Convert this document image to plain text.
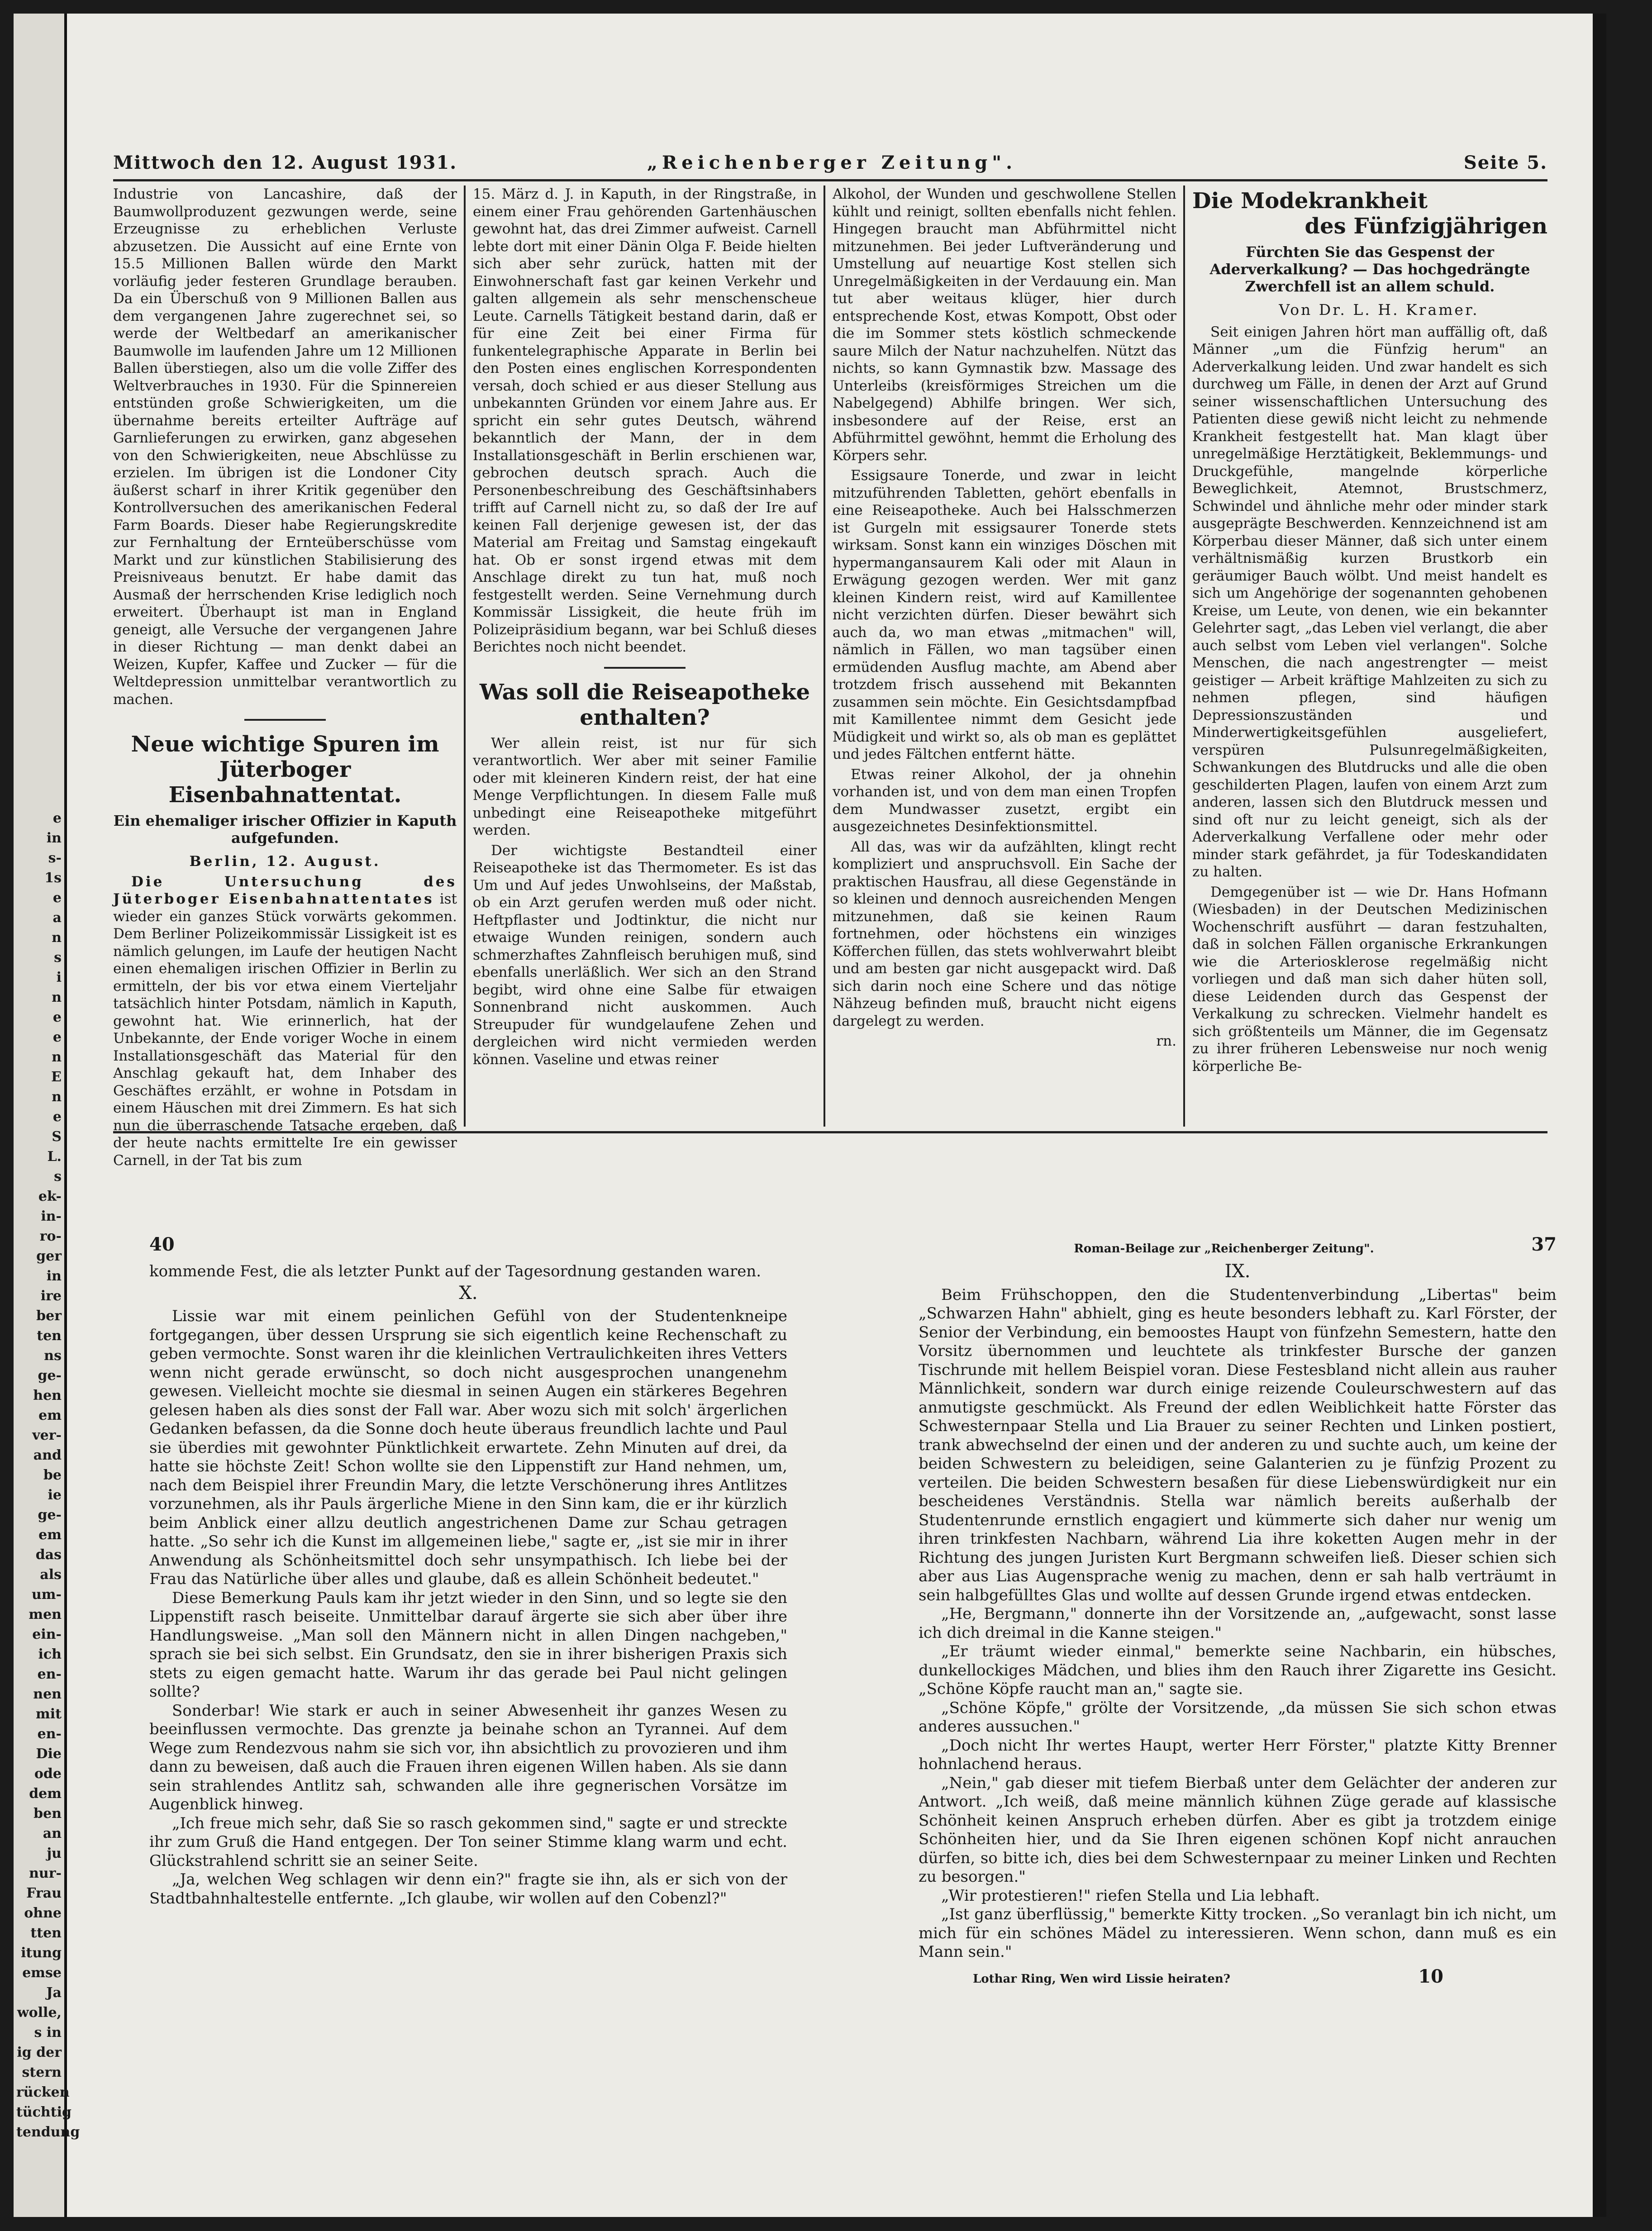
e
in
s-
1s
e
a
n
s
i
n
e
e
n
E
n
e
S
L.
s
ek-
in-
ro-
ger
in
ire
ber
ten
ns
ge-
hen
em
ver-
and
be
ie
ge-
em
das
als
um-
men
ein-
ich
en-
nen
mit
en-
Die
ode
dem
ben
an
ju
nur-
Frau
ohne
tten
itung
emse
Ja
wolle,
s in
ig der
stern
rücken
tüchtig
tendung
Mittwoch den 12. August 1931.	„Reichenberger Zeitung".	Seite 5.

Industrie von Lancashire, daß der Baumwollproduzent gezwungen werde, seine Erzeugnisse zu erheblichen Verluste abzusetzen. Die Aussicht auf eine Ernte von 15.5 Millionen Ballen würde den Markt vorläufig jeder festeren Grundlage berauben. Da ein Überschuß von 9 Millionen Ballen aus dem vergangenen Jahre zugerechnet sei, so werde der Weltbedarf an amerikanischer Baumwolle im laufenden Jahre um 12 Millionen Ballen überstiegen, also um die volle Ziffer des Weltverbrauches in 1930. Für die Spinnereien entstünden große Schwierigkeiten, um die übernahme bereits erteilter Aufträge auf Garnlieferungen zu erwirken, ganz abgesehen von den Schwierigkeiten, neue Abschlüsse zu erzielen. Im übrigen ist die Londoner City äußerst scharf in ihrer Kritik gegenüber den Kontrollversuchen des amerikanischen Federal Farm Boards. Dieser habe Regierungskredite zur Fernhaltung der Ernteüberschüsse vom Markt und zur künstlichen Stabilisierung des Preisniveaus benutzt. Er habe damit das Ausmaß der herrschenden Krise lediglich noch erweitert. Überhaupt ist man in England geneigt, alle Versuche der vergangenen Jahre in dieser Richtung — man denkt dabei an Weizen, Kupfer, Kaffee und Zucker — für die Weltdepression unmittelbar verantwortlich zu machen.

Neue wichtige Spuren im Jüterboger Eisenbahnattentat.
Ein ehemaliger irischer Offizier in Kaputh aufgefunden.

Berlin, 12. August.

Die Untersuchung des Jüterboger Eisenbahnattentates ist wieder ein ganzes Stück vorwärts gekommen. Dem Berliner Polizeikommissär Lissigkeit ist es nämlich gelungen, im Laufe der heutigen Nacht einen ehemaligen irischen Offizier in Berlin zu ermitteln, der bis vor etwa einem Vierteljahr tatsächlich hinter Potsdam, nämlich in Kaputh, gewohnt hat. Wie erinnerlich, hat der Unbekannte, der Ende voriger Woche in einem Installationsgeschäft das Material für den Anschlag gekauft hat, dem Inhaber des Geschäftes erzählt, er wohne in Potsdam in einem Häuschen mit drei Zimmern. Es hat sich nun die überraschende Tatsache ergeben, daß der heute nachts ermittelte Ire ein gewisser Carnell, in der Tat bis zum

15. März d. J. in Kaputh, in der Ringstraße, in einem einer Frau gehörenden Gartenhäuschen gewohnt hat, das drei Zimmer aufweist. Carnell lebte dort mit einer Dänin Olga F. Beide hielten sich aber sehr zurück, hatten mit der Einwohnerschaft fast gar keinen Verkehr und galten allgemein als sehr menschenscheue Leute. Carnells Tätigkeit bestand darin, daß er für eine Zeit bei einer Firma für funkentelegraphische Apparate in Berlin bei den Posten eines englischen Korrespondenten versah, doch schied er aus dieser Stellung aus unbekannten Gründen vor einem Jahre aus. Er spricht ein sehr gutes Deutsch, während bekanntlich der Mann, der in dem Installationsgeschäft in Berlin erschienen war, gebrochen deutsch sprach. Auch die Personenbeschreibung des Geschäftsinhabers trifft auf Carnell nicht zu, so daß der Ire auf keinen Fall derjenige gewesen ist, der das Material am Freitag und Samstag eingekauft hat. Ob er sonst irgend etwas mit dem Anschlage direkt zu tun hat, muß noch festgestellt werden. Seine Vernehmung durch Kommissär Lissigkeit, die heute früh im Polizeipräsidium begann, war bei Schluß dieses Berichtes noch nicht beendet.

Was soll die Reiseapotheke enthalten?

Wer allein reist, ist nur für sich verantwortlich. Wer aber mit seiner Familie oder mit kleineren Kindern reist, der hat eine Menge Verpflichtungen. In diesem Falle muß unbedingt eine Reiseapotheke mitgeführt werden.

Der wichtigste Bestandteil einer Reiseapotheke ist das Thermometer. Es ist das Um und Auf jedes Unwohlseins, der Maßstab, ob ein Arzt gerufen werden muß oder nicht. Heftpflaster und Jodtinktur, die nicht nur etwaige Wunden reinigen, sondern auch schmerzhaftes Zahnfleisch beruhigen muß, sind ebenfalls unerläßlich. Wer sich an den Strand begibt, wird ohne eine Salbe für etwaigen Sonnenbrand nicht auskommen. Auch Streupuder für wundgelaufene Zehen und dergleichen wird nicht vermieden werden können. Vaseline und etwas reiner

Alkohol, der Wunden und geschwollene Stellen kühlt und reinigt, sollten ebenfalls nicht fehlen. Hingegen braucht man Abführmittel nicht mitzunehmen. Bei jeder Luftveränderung und Umstellung auf neuartige Kost stellen sich Unregelmäßigkeiten in der Verdauung ein. Man tut aber weitaus klüger, hier durch entsprechende Kost, etwas Kompott, Obst oder die im Sommer stets köstlich schmeckende saure Milch der Natur nachzuhelfen. Nützt das nichts, so kann Gymnastik bzw. Massage des Unterleibs (kreisförmiges Streichen um die Nabelgegend) Abhilfe bringen. Wer sich, insbesondere auf der Reise, erst an Abführmittel gewöhnt, hemmt die Erholung des Körpers sehr.

Essigsaure Tonerde, und zwar in leicht mitzuführenden Tabletten, gehört ebenfalls in eine Reiseapotheke. Auch bei Halsschmerzen ist Gurgeln mit essigsaurer Tonerde stets wirksam. Sonst kann ein winziges Döschen mit hypermangansaurem Kali oder mit Alaun in Erwägung gezogen werden. Wer mit ganz kleinen Kindern reist, wird auf Kamillentee nicht verzichten dürfen. Dieser bewährt sich auch da, wo man etwas „mitmachen" will, nämlich in Fällen, wo man tagsüber einen ermüdenden Ausflug machte, am Abend aber trotzdem frisch aussehend mit Bekannten zusammen sein möchte. Ein Gesichtsdampfbad mit Kamillentee nimmt dem Gesicht jede Müdigkeit und wirkt so, als ob man es geplättet und jedes Fältchen entfernt hätte.

Etwas reiner Alkohol, der ja ohnehin vorhanden ist, und von dem man einen Tropfen dem Mundwasser zusetzt, ergibt ein ausgezeichnetes Desinfektionsmittel.

All das, was wir da aufzählten, klingt recht kompliziert und anspruchsvoll. Ein Sache der praktischen Hausfrau, all diese Gegenstände in so kleinen und dennoch ausreichenden Mengen mitzunehmen, daß sie keinen Raum fortnehmen, oder höchstens ein winziges Köfferchen füllen, das stets wohlverwahrt bleibt und am besten gar nicht ausgepackt wird. Daß sich darin noch eine Schere und das nötige Nähzeug befinden muß, braucht nicht eigens dargelegt zu werden.

rn.

Die Modekrankheit
des Fünfzigjährigen
Fürchten Sie das Gespenst der Aderverkalkung? — Das hochgedrängte Zwerchfell ist an allem schuld.

Von Dr. L. H. Kramer.

Seit einigen Jahren hört man auffällig oft, daß Männer „um die Fünfzig herum" an Aderverkalkung leiden. Und zwar handelt es sich durchweg um Fälle, in denen der Arzt auf Grund seiner wissenschaftlichen Untersuchung des Patienten diese gewiß nicht leicht zu nehmende Krankheit festgestellt hat. Man klagt über unregelmäßige Herztätigkeit, Beklemmungs- und Druckgefühle, mangelnde körperliche Beweglichkeit, Atemnot, Brustschmerz, Schwindel und ähnliche mehr oder minder stark ausgeprägte Beschwerden. Kennzeichnend ist am Körperbau dieser Männer, daß sich unter einem verhältnismäßig kurzen Brustkorb ein geräumiger Bauch wölbt. Und meist handelt es sich um Angehörige der sogenannten gehobenen Kreise, um Leute, von denen, wie ein bekannter Gelehrter sagt, „das Leben viel verlangt, die aber auch selbst vom Leben viel verlangen". Solche Menschen, die nach angestrengter — meist geistiger — Arbeit kräftige Mahlzeiten zu sich zu nehmen pflegen, sind häufigen Depressionszuständen und Minderwertigkeitsgefühlen ausgeliefert, verspüren Pulsunregelmäßigkeiten, Schwankungen des Blutdrucks und alle die oben geschilderten Plagen, laufen von einem Arzt zum anderen, lassen sich den Blutdruck messen und sind oft nur zu leicht geneigt, sich als der Aderverkalkung Verfallene oder mehr oder minder stark gefährdet, ja für Todeskandidaten zu halten.

Demgegenüber ist — wie Dr. Hans Hofmann (Wiesbaden) in der Deutschen Medizinischen Wochenschrift ausführt — daran festzuhalten, daß in solchen Fällen organische Erkrankungen wie die Arteriosklerose regelmäßig nicht vorliegen und daß man sich daher hüten soll, diese Leidenden durch das Gespenst der Verkalkung zu schrecken. Vielmehr handelt es sich größtenteils um Männer, die im Gegensatz zu ihrer früheren Lebensweise nur noch wenig körperliche Be-

40

kommende Fest, die als letzter Punkt auf der Tagesordnung gestanden waren.

X.

Lissie war mit einem peinlichen Gefühl von der Studentenkneipe fortgegangen, über dessen Ursprung sie sich eigentlich keine Rechenschaft zu geben vermochte. Sonst waren ihr die kleinlichen Vertraulichkeiten ihres Vetters wenn nicht gerade erwünscht, so doch nicht ausgesprochen unangenehm gewesen. Vielleicht mochte sie diesmal in seinen Augen ein stärkeres Begehren gelesen haben als dies sonst der Fall war. Aber wozu sich mit solch' ärgerlichen Gedanken befassen, da die Sonne doch heute überaus freundlich lachte und Paul sie überdies mit gewohnter Pünktlichkeit erwartete. Zehn Minuten auf drei, da hatte sie höchste Zeit! Schon wollte sie den Lippenstift zur Hand nehmen, um, nach dem Beispiel ihrer Freundin Mary, die letzte Verschönerung ihres Antlitzes vorzunehmen, als ihr Pauls ärgerliche Miene in den Sinn kam, die er ihr kürzlich beim Anblick einer allzu deutlich angestrichenen Dame zur Schau getragen hatte. „So sehr ich die Kunst im allgemeinen liebe," sagte er, „ist sie mir in ihrer Anwendung als Schönheitsmittel doch sehr unsympathisch. Ich liebe bei der Frau das Natürliche über alles und glaube, daß es allein Schönheit bedeutet."

Diese Bemerkung Pauls kam ihr jetzt wieder in den Sinn, und so legte sie den Lippenstift rasch beiseite. Unmittelbar darauf ärgerte sie sich aber über ihre Handlungsweise. „Man soll den Männern nicht in allen Dingen nachgeben," sprach sie bei sich selbst. Ein Grundsatz, den sie in ihrer bisherigen Praxis sich stets zu eigen gemacht hatte. Warum ihr das gerade bei Paul nicht gelingen sollte?

Sonderbar! Wie stark er auch in seiner Abwesenheit ihr ganzes Wesen zu beeinflussen vermochte. Das grenzte ja beinahe schon an Tyrannei. Auf dem Wege zum Rendezvous nahm sie sich vor, ihn absichtlich zu provozieren und ihm dann zu beweisen, daß auch die Frauen ihren eigenen Willen haben. Als sie dann sein strahlendes Antlitz sah, schwanden alle ihre gegnerischen Vorsätze im Augenblick hinweg.

„Ich freue mich sehr, daß Sie so rasch gekommen sind," sagte er und streckte ihr zum Gruß die Hand entgegen. Der Ton seiner Stimme klang warm und echt. Glückstrahlend schritt sie an seiner Seite.

„Ja, welchen Weg schlagen wir denn ein?" fragte sie ihn, als er sich von der Stadtbahnhaltestelle entfernte. „Ich glaube, wir wollen auf den Cobenzl?"

Roman-Beilage zur „Reichenberger Zeitung".	37
IX.

Beim Frühschoppen, den die Studentenverbindung „Libertas" beim „Schwarzen Hahn" abhielt, ging es heute besonders lebhaft zu. Karl Förster, der Senior der Verbindung, ein bemoostes Haupt von fünfzehn Semestern, hatte den Vorsitz übernommen und leuchtete als trinkfester Bursche der ganzen Tischrunde mit hellem Beispiel voran. Diese Festesbland nicht allein aus rauher Männlichkeit, sondern war durch einige reizende Couleurschwestern auf das anmutigste geschmückt. Als Freund der edlen Weiblichkeit hatte Förster das Schwesternpaar Stella und Lia Brauer zu seiner Rechten und Linken postiert, trank abwechselnd der einen und der anderen zu und suchte auch, um keine der beiden Schwestern zu beleidigen, seine Galanterien zu je fünfzig Prozent zu verteilen. Die beiden Schwestern besaßen für diese Liebenswürdigkeit nur ein bescheidenes Verständnis. Stella war nämlich bereits außerhalb der Studentenrunde ernstlich engagiert und kümmerte sich daher nur wenig um ihren trinkfesten Nachbarn, während Lia ihre koketten Augen mehr in der Richtung des jungen Juristen Kurt Bergmann schweifen ließ. Dieser schien sich aber aus Lias Augensprache wenig zu machen, denn er sah halb verträumt in sein halbgefülltes Glas und wollte auf dessen Grunde irgend etwas entdecken.

„He, Bergmann," donnerte ihn der Vorsitzende an, „aufgewacht, sonst lasse ich dich dreimal in die Kanne steigen."

„Er träumt wieder einmal," bemerkte seine Nachbarin, ein hübsches, dunkellockiges Mädchen, und blies ihm den Rauch ihrer Zigarette ins Gesicht. „Schöne Köpfe raucht man an," sagte sie.

„Schöne Köpfe," grölte der Vorsitzende, „da müssen Sie sich schon etwas anderes aussuchen."

„Doch nicht Ihr wertes Haupt, werter Herr Förster," platzte Kitty Brenner hohnlachend heraus.

„Nein," gab dieser mit tiefem Bierbaß unter dem Gelächter der anderen zur Antwort. „Ich weiß, daß meine männlich kühnen Züge gerade auf klassische Schönheit keinen Anspruch erheben dürfen. Aber es gibt ja trotzdem einige Schönheiten hier, und da Sie Ihren eigenen schönen Kopf nicht anrauchen dürfen, so bitte ich, dies bei dem Schwesternpaar zu meiner Linken und Rechten zu besorgen."

„Wir protestieren!" riefen Stella und Lia lebhaft.

„Ist ganz überflüssig," bemerkte Kitty trocken. „So veranlagt bin ich nicht, um mich für ein schönes Mädel zu interessieren. Wenn schon, dann muß es ein Mann sein."

Lothar Ring, Wen wird Lissie heiraten?	10
